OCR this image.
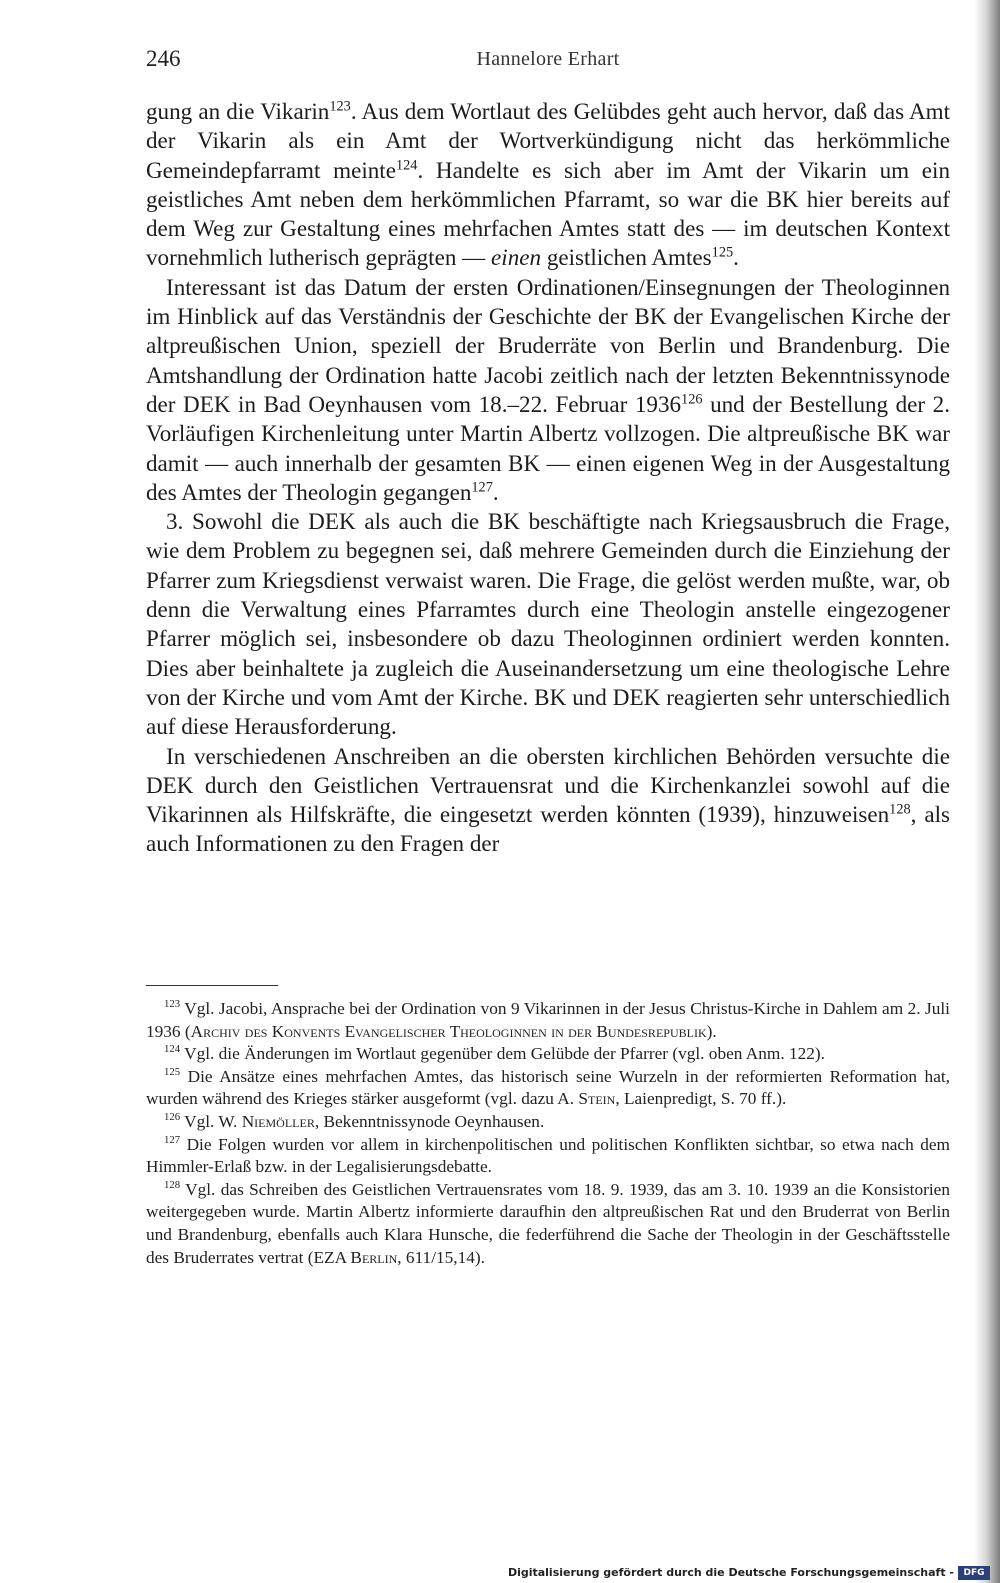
246	Hannelore Erhart

gung an die Vikarin$^{123}$. Aus dem Wortlaut des Gelübdes geht auch hervor, daß das Amt der Vikarin als ein Amt der Wortverkündigung nicht das herkömmliche Gemeindepfarramt meinte$^{124}$. Handelte es sich aber im Amt der Vikarin um ein geistliches Amt neben dem herkömmlichen Pfarramt, so war die BK hier bereits auf dem Weg zur Gestaltung eines mehrfachen Amtes statt des — im deutschen Kontext vornehmlich lutherisch geprägten — einen geistlichen Amtes$^{125}$.

Interessant ist das Datum der ersten Ordinationen/Einsegnungen der Theologinnen im Hinblick auf das Verständnis der Geschichte der BK der Evangelischen Kirche der altpreußischen Union, speziell der Bruderräte von Berlin und Brandenburg. Die Amtshandlung der Ordination hatte Jacobi zeitlich nach der letzten Bekenntnissynode der DEK in Bad Oeynhausen vom 18.–22. Februar 1936$^{126}$ und der Bestellung der 2. Vorläufigen Kirchenleitung unter Martin Albertz vollzogen. Die altpreußische BK war damit — auch innerhalb der gesamten BK — einen eigenen Weg in der Ausgestaltung des Amtes der Theologin gegangen$^{127}$.

3. Sowohl die DEK als auch die BK beschäftigte nach Kriegsausbruch die Frage, wie dem Problem zu begegnen sei, daß mehrere Gemeinden durch die Einziehung der Pfarrer zum Kriegsdienst verwaist waren. Die Frage, die gelöst werden mußte, war, ob denn die Verwaltung eines Pfarramtes durch eine Theologin anstelle eingezogener Pfarrer möglich sei, insbesondere ob dazu Theologinnen ordiniert werden konnten. Dies aber beinhaltete ja zugleich die Auseinandersetzung um eine theologische Lehre von der Kirche und vom Amt der Kirche. BK und DEK reagierten sehr unterschiedlich auf diese Herausforderung.

In verschiedenen Anschreiben an die obersten kirchlichen Behörden versuchte die DEK durch den Geistlichen Vertrauensrat und die Kirchenkanzlei sowohl auf die Vikarinnen als Hilfskräfte, die eingesetzt werden könnten (1939), hinzuweisen$^{128}$, als auch Informationen zu den Fragen der

$^{123}$ Vgl. Jacobi, Ansprache bei der Ordination von 9 Vikarinnen in der Jesus Christus-Kirche in Dahlem am 2. Juli 1936 (Archiv des Konvents Evangelischer Theologinnen in der Bundesrepublik).

$^{124}$ Vgl. die Änderungen im Wortlaut gegenüber dem Gelübde der Pfarrer (vgl. oben Anm. 122).

$^{125}$ Die Ansätze eines mehrfachen Amtes, das historisch seine Wurzeln in der reformierten Reformation hat, wurden während des Krieges stärker ausgeformt (vgl. dazu A. Stein, Laienpredigt, S. 70 ff.).

$^{126}$ Vgl. W. Niemöller, Bekenntnissynode Oeynhausen.

$^{127}$ Die Folgen wurden vor allem in kirchenpolitischen und politischen Konflikten sichtbar, so etwa nach dem Himmler-Erlaß bzw. in der Legalisierungsdebatte.

$^{128}$ Vgl. das Schreiben des Geistlichen Vertrauensrates vom 18. 9. 1939, das am 3. 10. 1939 an die Konsistorien weitergegeben wurde. Martin Albertz informierte daraufhin den altpreußischen Rat und den Bruderrat von Berlin und Brandenburg, ebenfalls auch Klara Hunsche, die federführend die Sache der Theologin in der Geschäftsstelle des Bruderrates vertrat (EZA Berlin, 611/15,14).

Digitalisierung gefördert durch die Deutsche Forschungsgemeinschaft -	DFG
